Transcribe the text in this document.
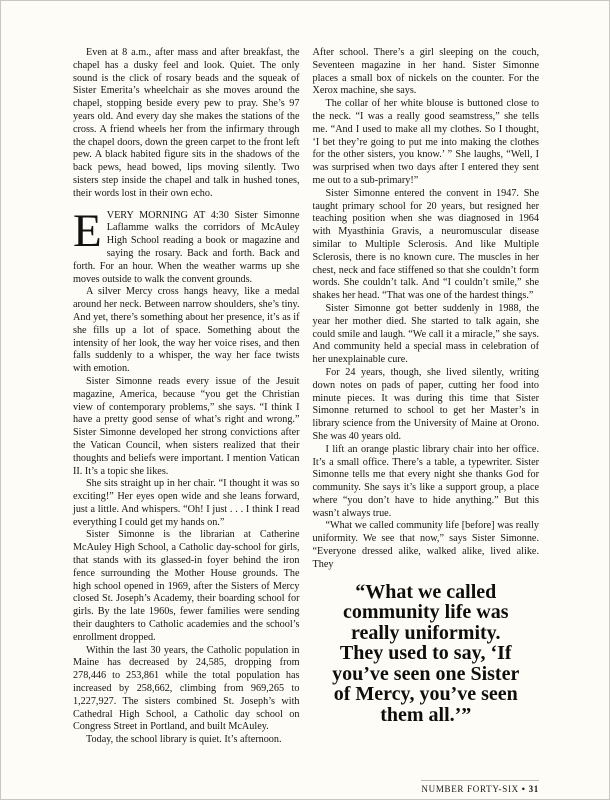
Even at 8 a.m., after mass and after breakfast, the chapel has a dusky feel and look. Quiet. The only sound is the click of rosary beads and the squeak of Sister Emerita’s wheelchair as she moves around the chapel, stopping beside every pew to pray. She’s 97 years old. And every day she makes the stations of the cross. A friend wheels her from the infirmary through the chapel doors, down the green carpet to the front left pew. A black habited figure sits in the shadows of the back pews, head bowed, lips moving silently. Two sisters step inside the chapel and talk in hushed tones, their words lost in their own echo.

EVERY MORNING AT 4:30 Sister Simonne Laflamme walks the corridors of McAuley High School reading a book or magazine and saying the rosary. Back and forth. Back and forth. For an hour. When the weather warms up she moves outside to walk the convent grounds.

A silver Mercy cross hangs heavy, like a medal around her neck. Between narrow shoulders, she’s tiny. And yet, there’s something about her presence, it’s as if she fills up a lot of space. Something about the intensity of her look, the way her voice rises, and then falls suddenly to a whisper, the way her face twists with emotion.

Sister Simonne reads every issue of the Jesuit magazine, America, because “you get the Christian view of contemporary problems,” she says. “I think I have a pretty good sense of what’s right and wrong.” Sister Simonne developed her strong convictions after the Vatican Council, when sisters realized that their thoughts and beliefs were important. I mention Vatican II. It’s a topic she likes.

She sits straight up in her chair. “I thought it was so exciting!” Her eyes open wide and she leans forward, just a little. And whispers. “Oh! I just . . . I think I read everything I could get my hands on.”

Sister Simonne is the librarian at Catherine McAuley High School, a Catholic day-school for girls, that stands with its glassed-in foyer behind the iron fence surrounding the Mother House grounds. The high school opened in 1969, after the Sisters of Mercy closed St. Joseph’s Academy, their boarding school for girls. By the late 1960s, fewer families were sending their daughters to Catholic academies and the school’s enrollment dropped.

Within the last 30 years, the Catholic population in Maine has decreased by 24,585, dropping from 278,446 to 253,861 while the total population has increased by 258,662, climbing from 969,265 to 1,227,927. The sisters combined St. Joseph’s with Cathedral High School, a Catholic day school on Congress Street in Portland, and built McAuley.

Today, the school library is quiet. It’s afternoon.

After school. There’s a girl sleeping on the couch, Seventeen magazine in her hand. Sister Simonne places a small box of nickels on the counter. For the Xerox machine, she says.

The collar of her white blouse is buttoned close to the neck. “I was a really good seamstress,” she tells me. “And I used to make all my clothes. So I thought, ‘I bet they’re going to put me into making the clothes for the other sisters, you know.’ ” She laughs, “Well, I was surprised when two days after I entered they sent me out to a sub-primary!”

Sister Simonne entered the convent in 1947. She taught primary school for 20 years, but resigned her teaching position when she was diagnosed in 1964 with Myasthinia Gravis, a neuromuscular disease similar to Multiple Sclerosis. And like Multiple Sclerosis, there is no known cure. The muscles in her chest, neck and face stiffened so that she couldn’t form words. She couldn’t talk. And “I couldn’t smile,” she shakes her head. “That was one of the hardest things.”

Sister Simonne got better suddenly in 1988, the year her mother died. She started to talk again, she could smile and laugh. “We call it a miracle,” she says. And community held a special mass in celebration of her unexplainable cure.

For 24 years, though, she lived silently, writing down notes on pads of paper, cutting her food into minute pieces. It was during this time that Sister Simonne returned to school to get her Master’s in library science from the University of Maine at Orono. She was 40 years old.

I lift an orange plastic library chair into her office. It’s a small office. There’s a table, a typewriter. Sister Simonne tells me that every night she thanks God for community. She says it’s like a support group, a place where “you don’t have to hide anything.” But this wasn’t always true.

“What we called community life [before] was really uniformity. We see that now,” says Sister Simonne. “Everyone dressed alike, walked alike, lived alike. They

“What we called
community life was
really uniformity.
They used to say, ‘If
you’ve seen one Sister
of Mercy, you’ve seen
them all.’”
NUMBER FORTY-SIX • 31
